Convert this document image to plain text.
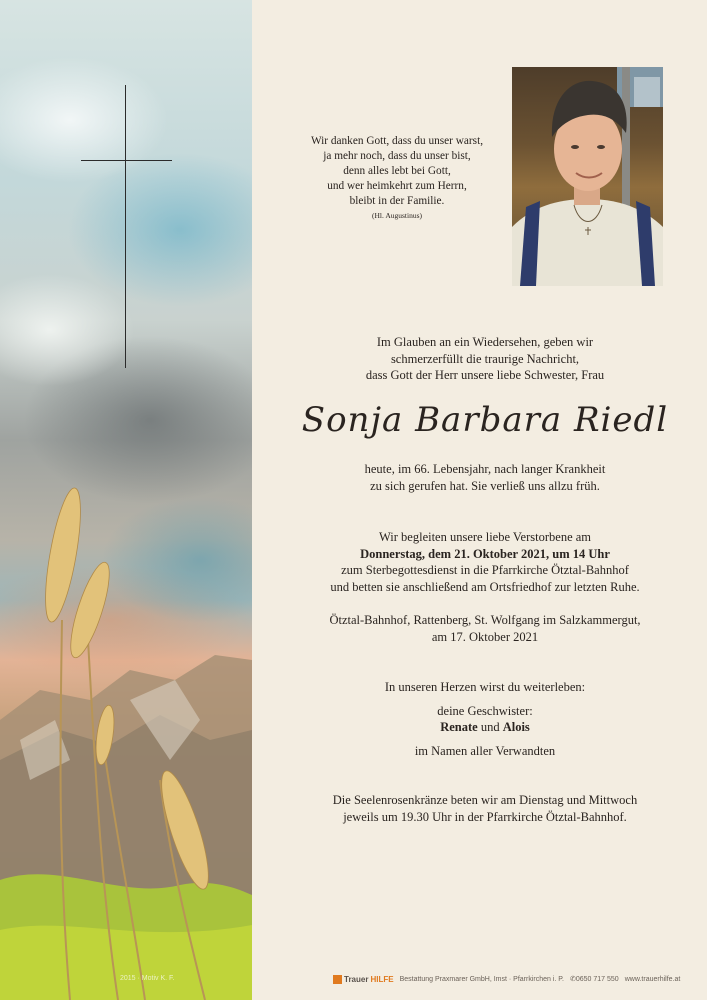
2015 · Motiv K. F.
Wir danken Gott, dass du unser warst,
ja mehr noch, dass du unser bist,
denn alles lebt bei Gott,
und wer heimkehrt zum Herrn,
bleibt in der Familie.
(Hl. Augustinus)
Im Glauben an ein Wiedersehen, geben wir
schmerzerfüllt die traurige Nachricht,
dass Gott der Herr unsere liebe Schwester, Frau
Sonja Barbara Riedl
heute, im 66. Lebensjahr, nach langer Krankheit
zu sich gerufen hat. Sie verließ uns allzu früh.
Wir begleiten unsere liebe Verstorbene am
Donnerstag, dem 21. Oktober 2021, um 14 Uhr
zum Sterbegottesdienst in die Pfarrkirche Ötztal-Bahnhof
und betten sie anschließend am Ortsfriedhof zur letzten Ruhe.
Ötztal-Bahnhof, Rattenberg, St. Wolfgang im Salzkammergut,
am 17. Oktober 2021
In unseren Herzen wirst du weiterleben:
deine Geschwister:
Renate und Alois
im Namen aller Verwandten
Die Seelenrosenkränze beten wir am Dienstag und Mittwoch
jeweils um 19.30 Uhr in der Pfarrkirche Ötztal-Bahnhof.
Trauer HILFE Bestattung Praxmarer GmbH, Imst · Pfarrkirchen i. P. ✆0650 717 550 www.trauerhilfe.at
